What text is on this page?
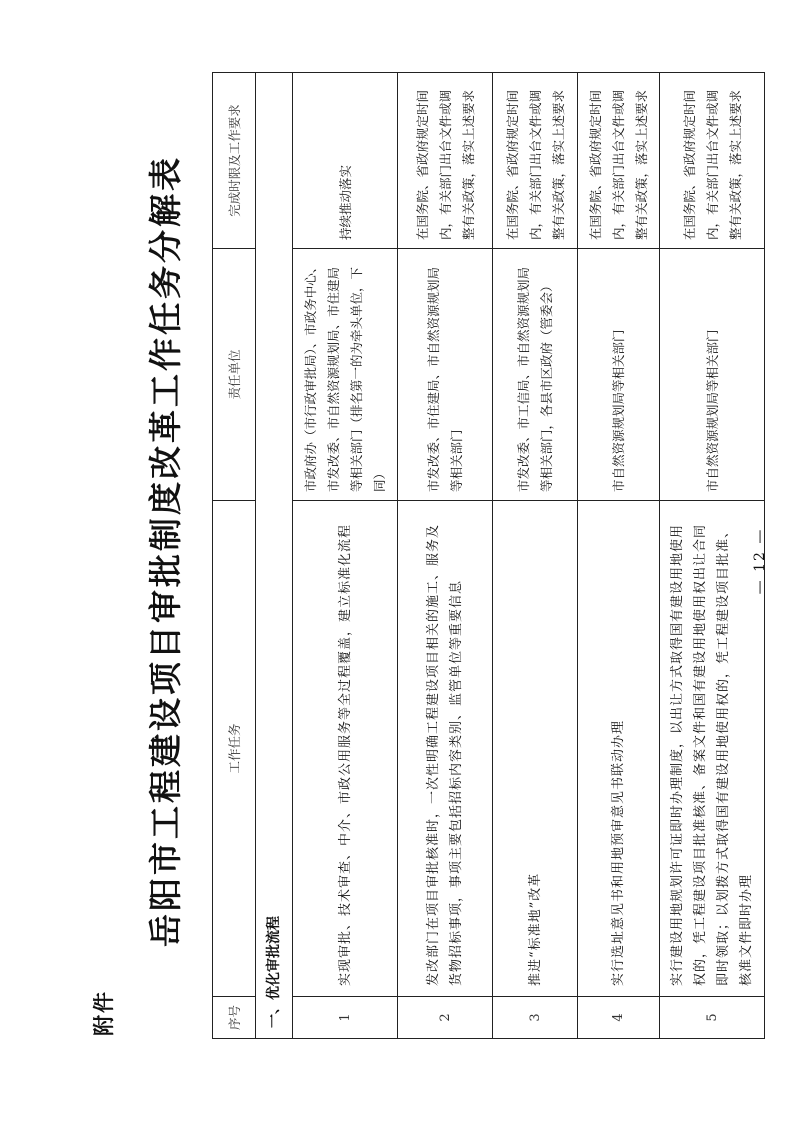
附件
岳阳市工程建设项目审批制度改革工作任务分解表
序号	工作任务	责任单位	完成时限及工作要求
一、优化审批流程			
1	实现审批、技术审查、中介、市政公用服务等全过程覆盖，建立标准化流程	市政府办（市行政审批局）、市政务中心、市发改委、市自然资源规划局、市住建局等相关部门（排名第一的为牵头单位，下同）	持续推动落实
2	发改部门在项目审批核准时，一次性明确工程建设项目相关的施工、服务及货物招标事项，事项主要包括招标内容类别、监管单位等重要信息	市发改委、市住建局、市自然资源规划局等相关部门	在国务院、省政府规定时间内，有关部门出台文件或调整有关政策，落实上述要求
3	推进“标准地”改革	市发改委、市工信局、市自然资源规划局等相关部门，各县市区政府（管委会）	在国务院、省政府规定时间内，有关部门出台文件或调整有关政策，落实上述要求
4	实行选址意见书和用地预审意见书联动办理	市自然资源规划局等相关部门	在国务院、省政府规定时间内，有关部门出台文件或调整有关政策，落实上述要求
5	实行建设用地规划许可证即时办理制度，以出让方式取得国有建设用地使用权的，凭工程建设项目批准核准、备案文件和国有建设用地使用权出让合同即时领取；以划拨方式取得国有建设用地使用权的，凭工程建设项目批准、核准文件即时办理	市自然资源规划局等相关部门	在国务院、省政府规定时间内，有关部门出台文件或调整有关政策，落实上述要求
— 12 —
